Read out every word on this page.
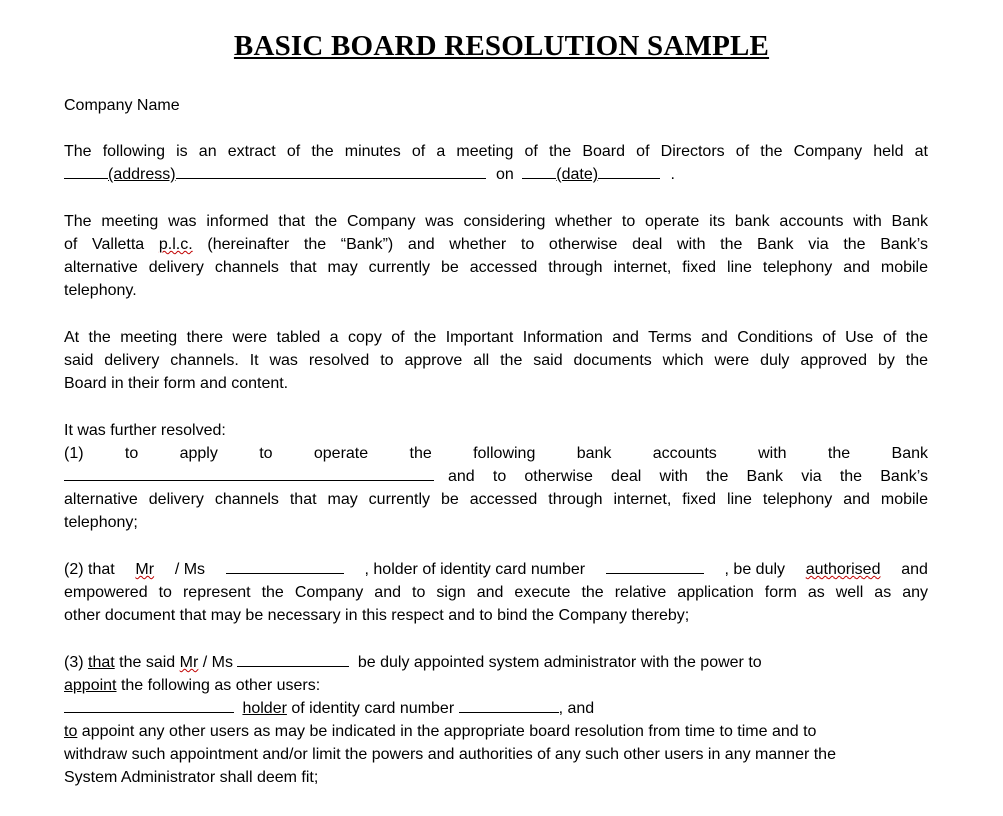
BASIC BOARD RESOLUTION SAMPLE
Company Name
The following is an extract of the minutes of a meeting of the Board of Directors of the Company held at
(address)	on	(date)	.
The meeting was informed that the Company was considering whether to operate its bank accounts with Bank
of Valletta p.l.c. (hereinafter the “Bank”) and whether to otherwise deal with the Bank via the Bank’s
alternative delivery channels that may currently be accessed through internet, fixed line telephony and mobile
telephony.
At the meeting there were tabled a copy of the Important Information and Terms and Conditions of Use of the
said delivery channels. It was resolved to approve all the said documents which were duly approved by the
Board in their form and content.
It was further resolved:
(1) to apply to operate the following bank accounts with the Bank
and to otherwise deal with the Bank via the Bank’s
alternative delivery channels that may currently be accessed through internet, fixed line telephony and mobile
telephony;
(2) that Mr / Ms	, holder of identity card number	, be duly authorised and
empowered to represent the Company and to sign and execute the relative application form as well as any
other document that may be necessary in this respect and to bind the Company thereby;
(3) that the said Mr / Ms	be duly appointed system administrator with the power to
appoint the following as other users:
holder of identity card number	, and
to appoint any other users as may be indicated in the appropriate board resolution from time to time and to
withdraw such appointment and/or limit the powers and authorities of any such other users in any manner the
System Administrator shall deem fit;
